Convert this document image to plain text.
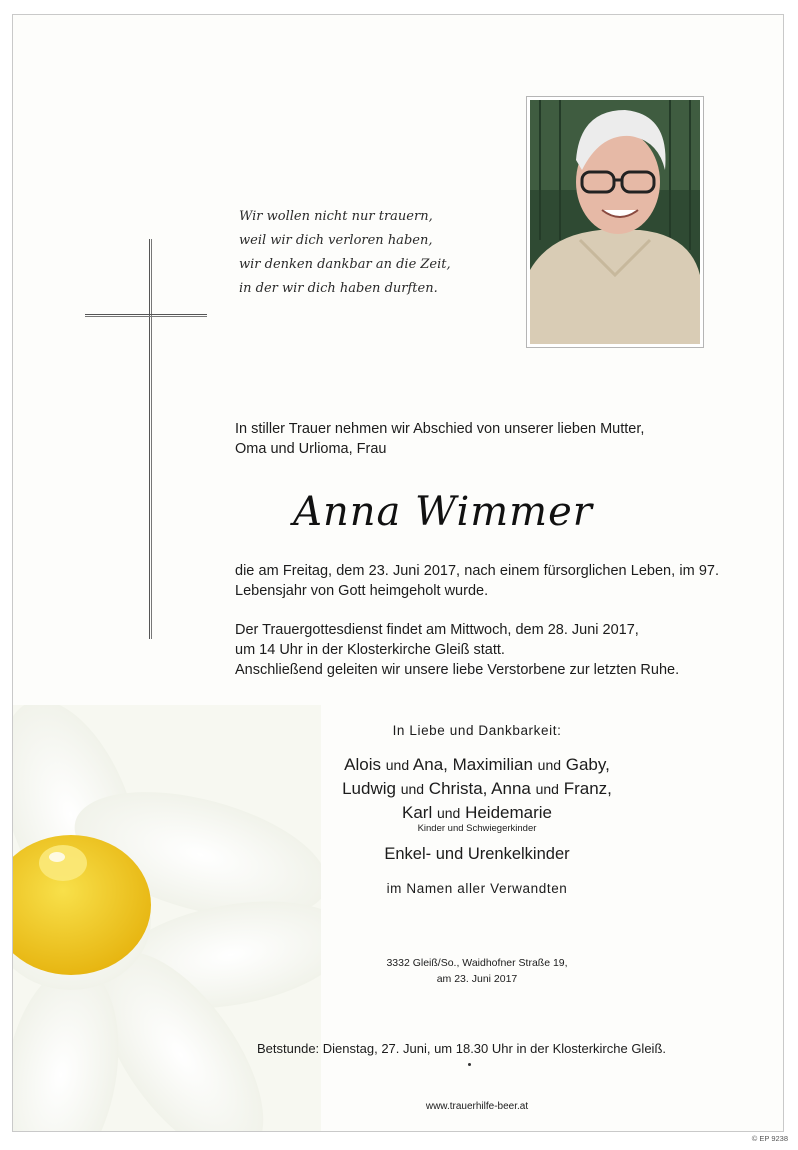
Wir wollen nicht nur trauern,
weil wir dich verloren haben,
wir denken dankbar an die Zeit,
in der wir dich haben durften.
In stiller Trauer nehmen wir Abschied von unserer lieben Mutter,
Oma und Urlioma, Frau
Anna Wimmer
die am Freitag, dem 23. Juni 2017, nach einem fürsorglichen Leben, im 97. Lebensjahr von Gott heimgeholt wurde.
Der Trauergottesdienst findet am Mittwoch, dem 28. Juni 2017,
um 14 Uhr in der Klosterkirche Gleiß statt.
Anschließend geleiten wir unsere liebe Verstorbene zur letzten Ruhe.
In Liebe und Dankbarkeit:
Alois und Ana, Maximilian und Gaby,
Ludwig und Christa, Anna und Franz,
Karl und Heidemarie
Kinder und Schwiegerkinder
Enkel- und Urenkelkinder
im Namen aller Verwandten
3332 Gleiß/So., Waidhofner Straße 19,
am 23. Juni 2017
Betstunde: Dienstag, 27. Juni, um 18.30 Uhr in der Klosterkirche Gleiß.
www.trauerhilfe-beer.at
© EP 9238
